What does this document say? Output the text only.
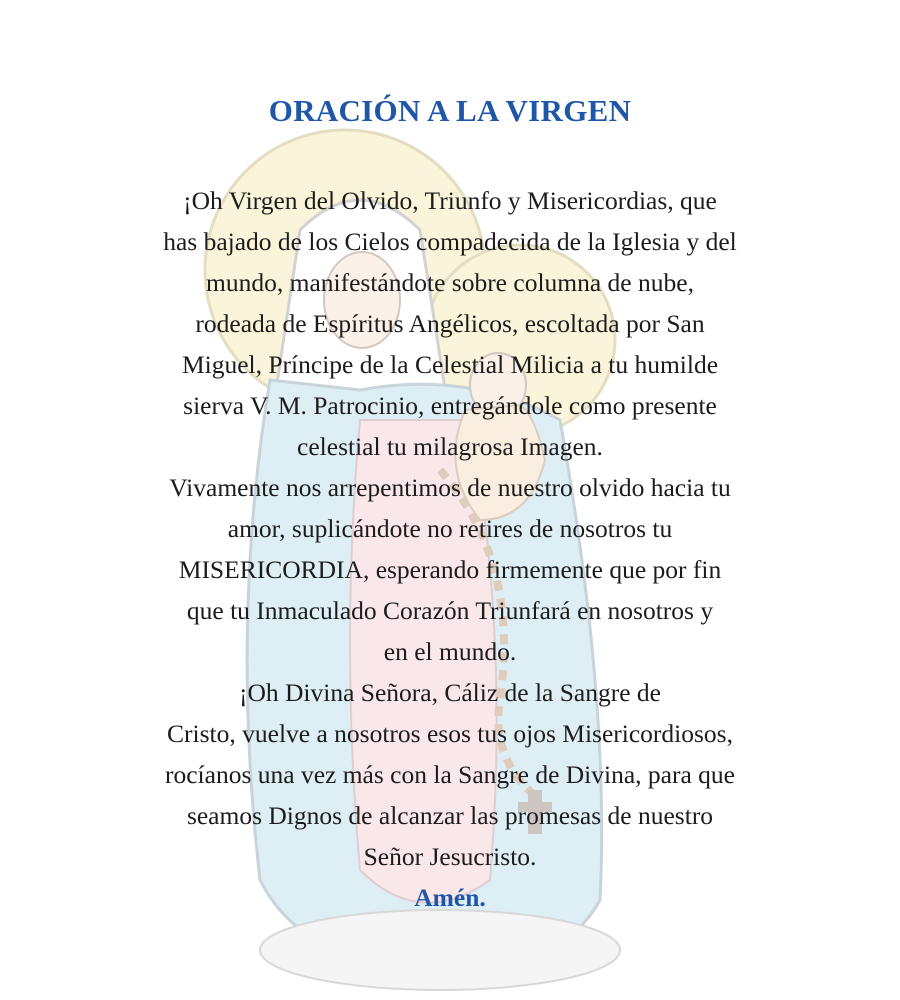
ORACIÓN A LA VIRGEN
¡Oh Virgen del Olvido, Triunfo y Misericordias, que
has bajado de los Cielos compadecida de la Iglesia y del
mundo, manifestándote sobre columna de nube,
rodeada de Espíritus Angélicos, escoltada por San
Miguel, Príncipe de la Celestial Milicia a tu humilde
sierva V. M. Patrocinio, entregándole como presente
celestial tu milagrosa Imagen.
Vivamente nos arrepentimos de nuestro olvido hacia tu
amor, suplicándote no retires de nosotros tu
MISERICORDIA, esperando firmemente que por fin
que tu Inmaculado Corazón Triunfará en nosotros y
en el mundo.
¡Oh Divina Señora, Cáliz de la Sangre de
Cristo, vuelve a nosotros esos tus ojos Misericordiosos,
rocíanos una vez más con la Sangre de Divina, para que
seamos Dignos de alcanzar las promesas de nuestro
Señor Jesucristo.
Amén.
